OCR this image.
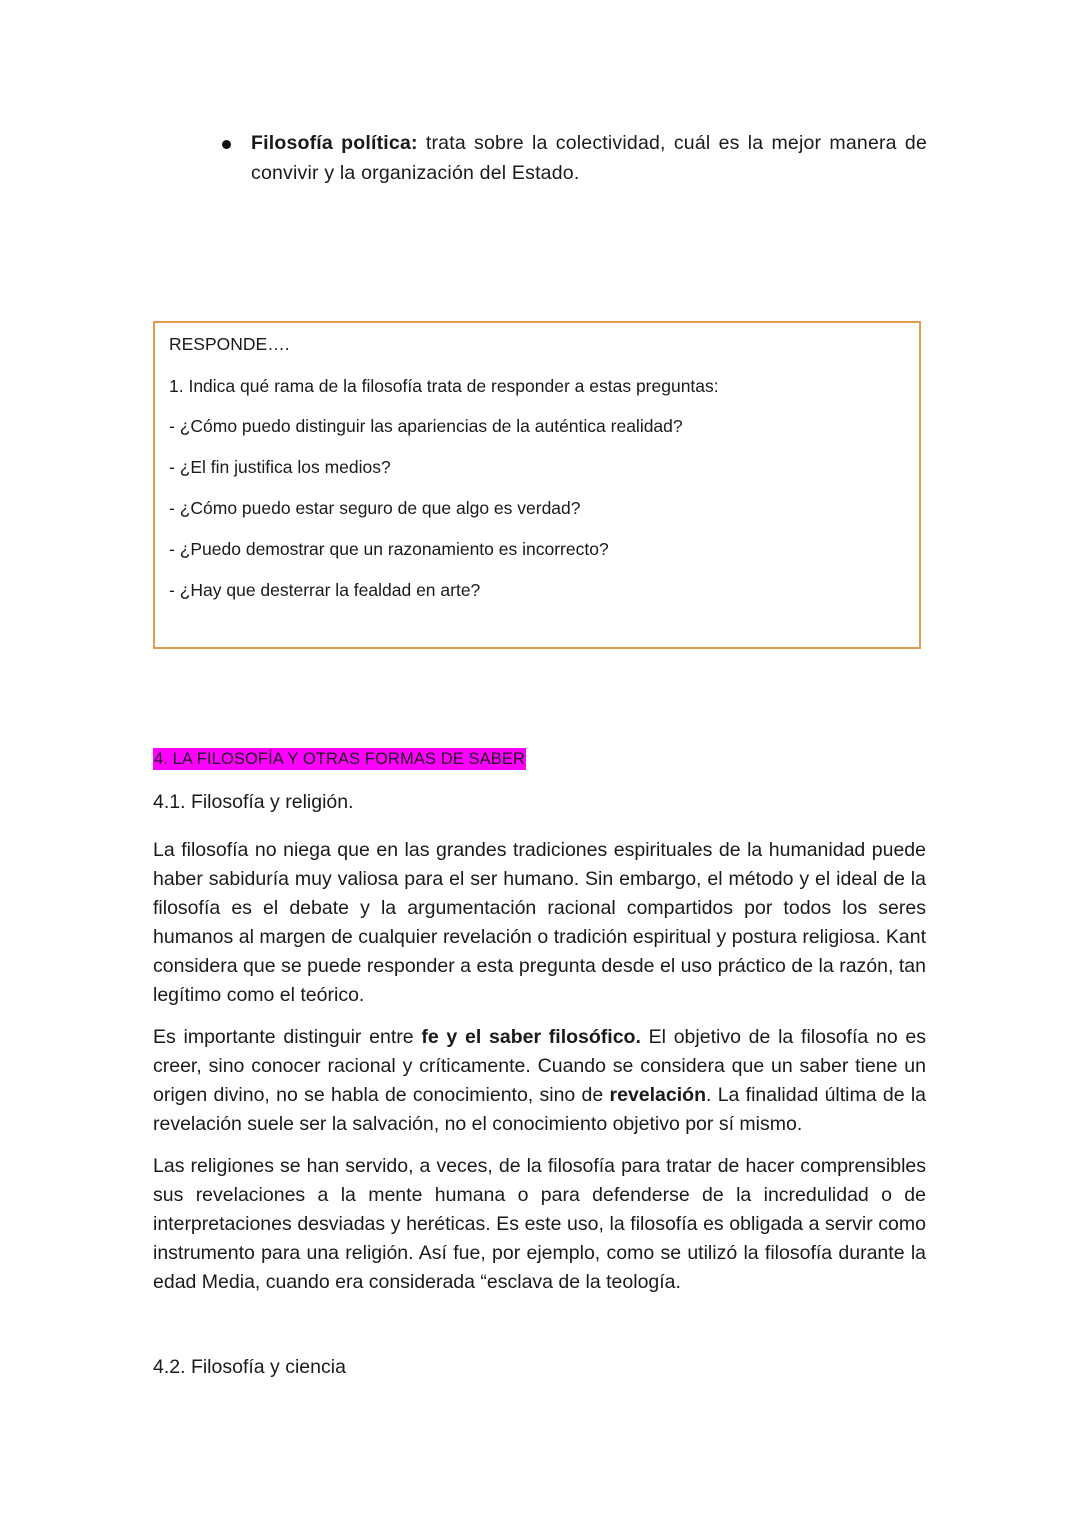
Filosofía política: trata sobre la colectividad, cuál es la mejor manera de convivir y la organización del Estado.
RESPONDE….
1. Indica qué rama de la filosofía trata de responder a estas preguntas:
- ¿Cómo puedo distinguir las apariencias de la auténtica realidad?
- ¿El fin justifica los medios?
- ¿Cómo puedo estar seguro de que algo es verdad?
- ¿Puedo demostrar que un razonamiento es incorrecto?
- ¿Hay que desterrar la fealdad en arte?
4. LA FILOSOFÍA Y OTRAS FORMAS DE SABER
4.1. Filosofía y religión.

La filosofía no niega que en las grandes tradiciones espirituales de la humanidad puede haber sabiduría muy valiosa para el ser humano. Sin embargo, el método y el ideal de la filosofía es el debate y la argumentación racional compartidos por todos los seres humanos al margen de cualquier revelación o tradición espiritual y postura religiosa. Kant considera que se puede responder a esta pregunta desde el uso práctico de la razón, tan legítimo como el teórico.

Es importante distinguir entre fe y el saber filosófico. El objetivo de la filosofía no es creer, sino conocer racional y críticamente. Cuando se considera que un saber tiene un origen divino, no se habla de conocimiento, sino de revelación. La finalidad última de la revelación suele ser la salvación, no el conocimiento objetivo por sí mismo.

Las religiones se han servido, a veces, de la filosofía para tratar de hacer comprensibles sus revelaciones a la mente humana o para defenderse de la incredulidad o de interpretaciones desviadas y heréticas. Es este uso, la filosofía es obligada a servir como instrumento para una religión. Así fue, por ejemplo, como se utilizó la filosofía durante la edad Media, cuando era considerada “esclava de la teología.

4.2. Filosofía y ciencia
